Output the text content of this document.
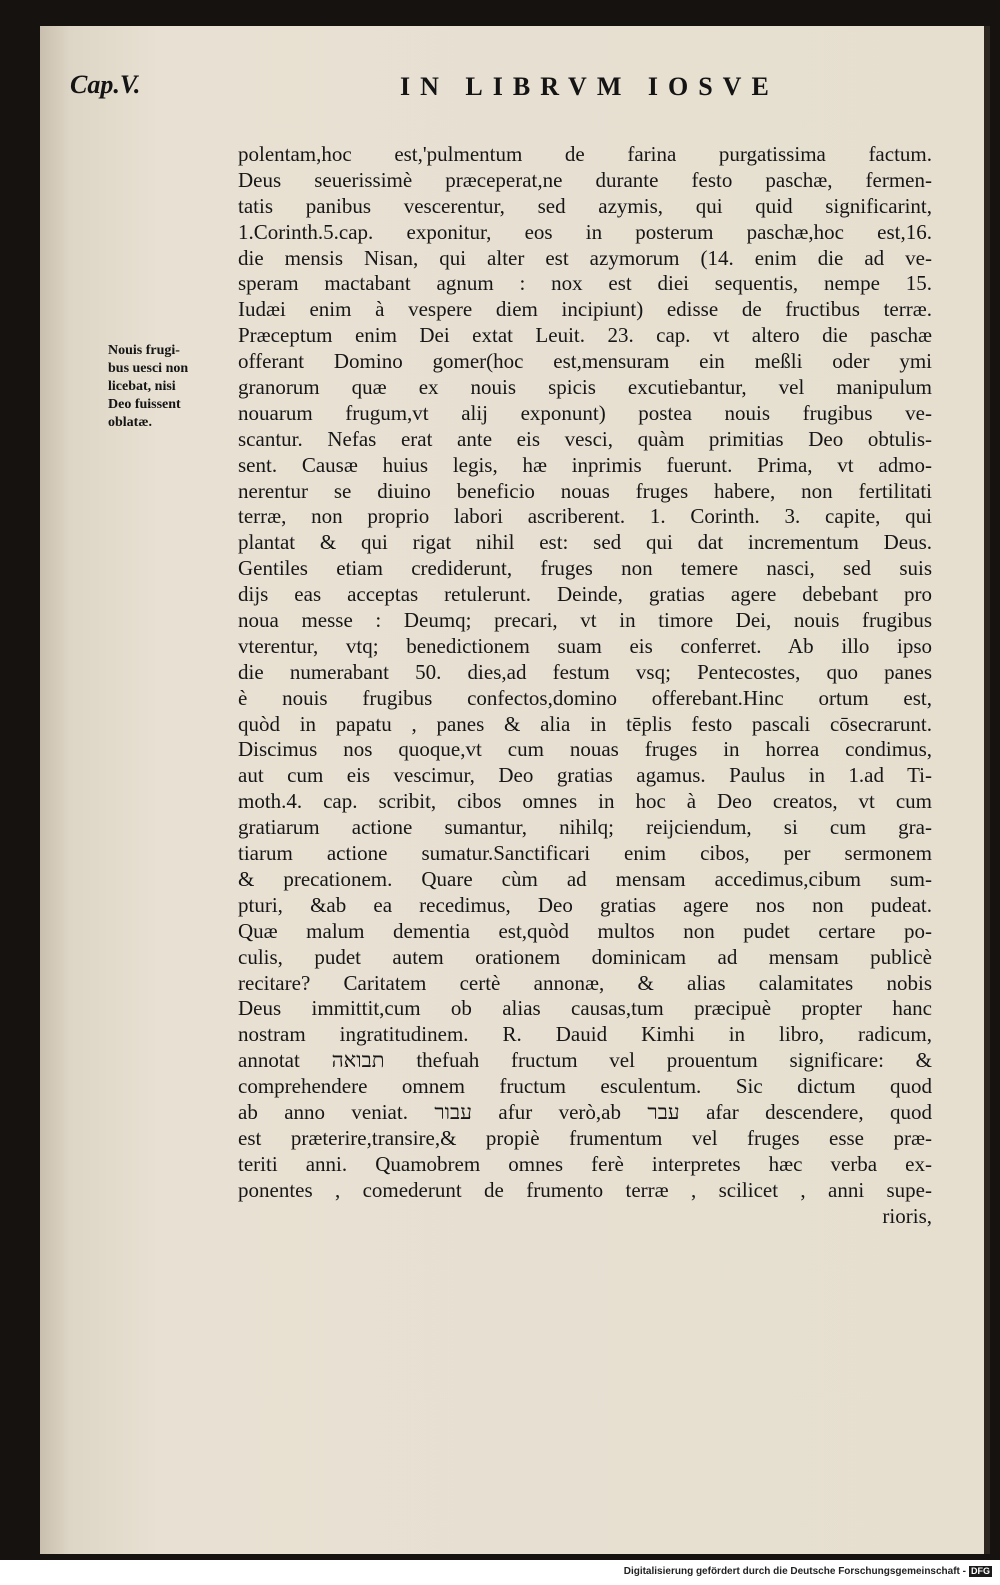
Cap.V.	IN LIBRVM IOSVE
Nouis frugi-
bus uesci non
licebat, nisi
Deo fuissent
oblatæ.
polentam,hoc est,'pulmentum de farina purgatissima factum.
Deus seuerissimè præceperat,ne durante festo paschæ, fermen-
tatis panibus vescerentur, sed azymis, qui quid significarint,
1.Corinth.5.cap. exponitur, eos in posterum paschæ,hoc est,16.
die mensis Nisan, qui alter est azymorum (14. enim die ad ve-
speram mactabant agnum : nox est diei sequentis, nempe 15.
Iudæi enim à vespere diem incipiunt) edisse de fructibus terræ.
Præceptum enim Dei extat Leuit. 23. cap. vt altero die paschæ
offerant Domino gomer(hoc est,mensuram ein meßli oder ymi
granorum quæ ex nouis spicis excutiebantur, vel manipulum
nouarum frugum,vt alij exponunt) postea nouis frugibus ve-
scantur. Nefas erat ante eis vesci, quàm primitias Deo obtulis-
sent. Causæ huius legis, hæ inprimis fuerunt. Prima, vt admo-
nerentur se diuino beneficio nouas fruges habere, non fertilitati
terræ, non proprio labori ascriberent. 1. Corinth. 3. capite, qui
plantat & qui rigat nihil est: sed qui dat incrementum Deus.
Gentiles etiam crediderunt, fruges non temere nasci, sed suis
dijs eas acceptas retulerunt. Deinde, gratias agere debebant pro
noua messe : Deumq; precari, vt in timore Dei, nouis frugibus
vterentur, vtq; benedictionem suam eis conferret. Ab illo ipso
die numerabant 50. dies,ad festum vsq; Pentecostes, quo panes
è nouis frugibus confectos,domino offerebant.Hinc ortum est,
quòd in papatu , panes & alia in tēplis festo pascali cōsecrarunt.
Discimus nos quoque,vt cum nouas fruges in horrea condimus,
aut cum eis vescimur, Deo gratias agamus. Paulus in 1.ad Ti-
moth.4. cap. scribit, cibos omnes in hoc à Deo creatos, vt cum
gratiarum actione sumantur, nihilq; reijciendum, si cum gra-
tiarum actione sumatur.Sanctificari enim cibos, per sermonem
& precationem. Quare cùm ad mensam accedimus,cibum sum-
pturi, &ab ea recedimus, Deo gratias agere nos non pudeat.
Quæ malum dementia est,quòd multos non pudet certare po-
culis, pudet autem orationem dominicam ad mensam publicè
recitare? Caritatem certè annonæ, & alias calamitates nobis
Deus immittit,cum ob alias causas,tum præcipuè propter hanc
nostram ingratitudinem. R. Dauid Kimhi in libro, radicum,
annotat תבואה thefuah fructum vel prouentum significare: &
comprehendere omnem fructum esculentum. Sic dictum quod
ab anno veniat. עבור afur verò,ab עבר afar descendere, quod
est præterire,transire,& propiè frumentum vel fruges esse præ-
teriti anni. Quamobrem omnes ferè interpretes hæc verba ex-
ponentes , comederunt de frumento terræ , scilicet , anni supe-
rioris,
Digitalisierung gefördert durch die Deutsche Forschungsgemeinschaft - DFG
